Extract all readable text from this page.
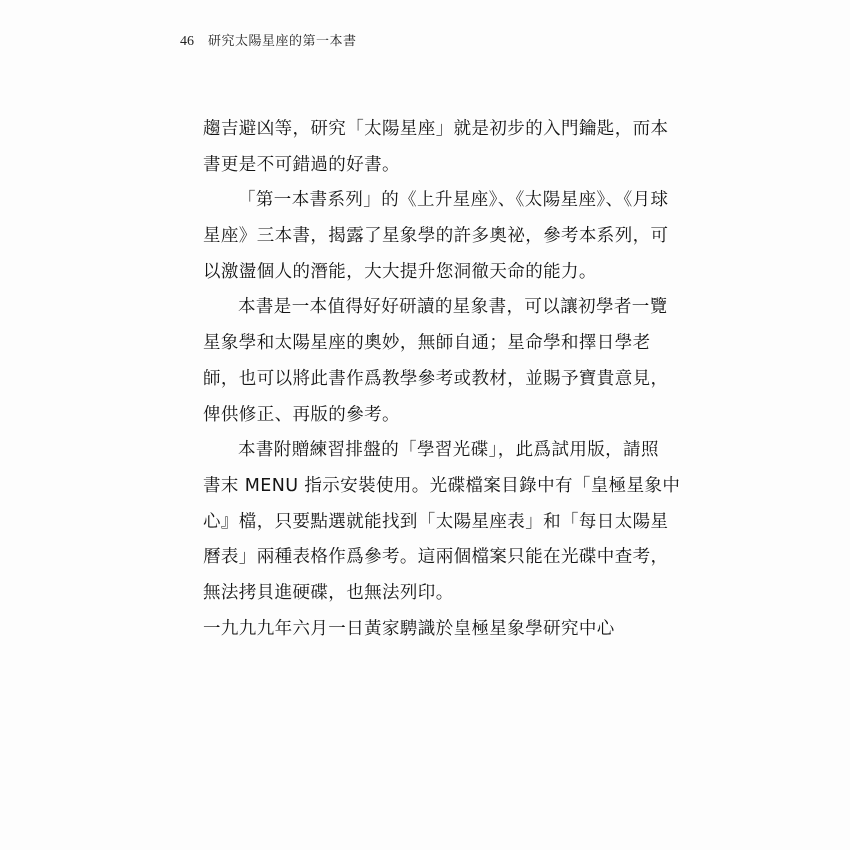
46 研究太陽星座的第一本書
趨吉避凶等，研究「太陽星座」就是初步的入門鑰匙，而本
書更是不可錯過的好書。
「第一本書系列」的《上升星座》、《太陽星座》、《月球
星座》三本書，揭露了星象學的許多奧祕，參考本系列，可
以激盪個人的潛能，大大提升您洞徹天命的能力。
本書是一本值得好好研讀的星象書，可以讓初學者一覽
星象學和太陽星座的奧妙，無師自通；星命學和擇日學老
師，也可以將此書作爲教學參考或教材，並賜予寶貴意見，
俾供修正、再版的參考。
本書附贈練習排盤的「學習光碟」，此爲試用版，請照
書末 MENU 指示安裝使用。光碟檔案目錄中有「皇極星象中
心』檔，只要點選就能找到「太陽星座表」和「每日太陽星
曆表」兩種表格作爲參考。這兩個檔案只能在光碟中查考，
無法拷貝進硬碟，也無法列印。
一九九九年六月一日黃家騁識於皇極星象學研究中心
